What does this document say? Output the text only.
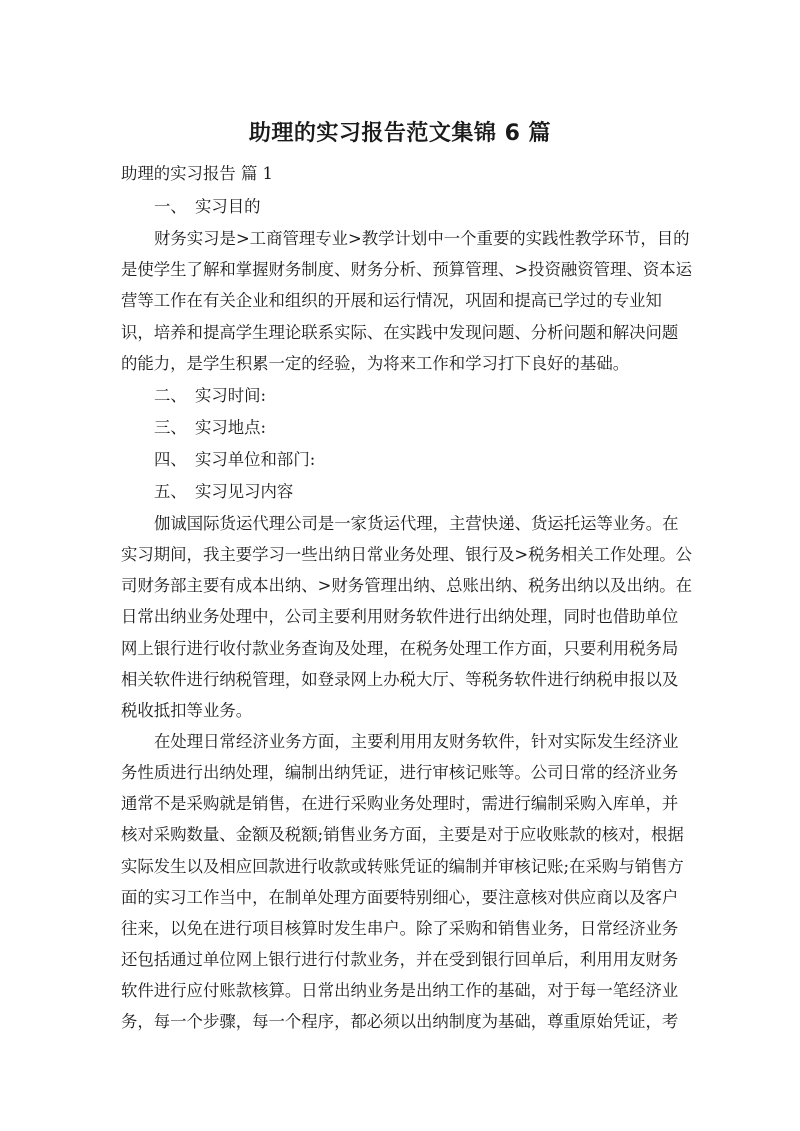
助理的实习报告范文集锦 6 篇
助理的实习报告 篇 1
一、　实习目的
财务实习是>工商管理专业>教学计划中一个重要的实践性教学环节，目的
是使学生了解和掌握财务制度、财务分析、预算管理、>投资融资管理、资本运
营等工作在有关企业和组织的开展和运行情况，巩固和提高已学过的专业知
识，培养和提高学生理论联系实际、在实践中发现问题、分析问题和解决问题
的能力，是学生积累一定的经验，为将来工作和学习打下良好的基础。
二、　实习时间:
三、　实习地点:
四、　实习单位和部门:
五、　实习见习内容
伽诚国际货运代理公司是一家货运代理，主营快递、货运托运等业务。在
实习期间，我主要学习一些出纳日常业务处理、银行及>税务相关工作处理。公
司财务部主要有成本出纳、>财务管理出纳、总账出纳、税务出纳以及出纳。在
日常出纳业务处理中，公司主要利用财务软件进行出纳处理，同时也借助单位
网上银行进行收付款业务查询及处理，在税务处理工作方面，只要利用税务局
相关软件进行纳税管理，如登录网上办税大厅、等税务软件进行纳税申报以及
税收抵扣等业务。
在处理日常经济业务方面，主要利用用友财务软件，针对实际发生经济业
务性质进行出纳处理，编制出纳凭证，进行审核记账等。公司日常的经济业务
通常不是采购就是销售，在进行采购业务处理时，需进行编制采购入库单，并
核对采购数量、金额及税额;销售业务方面，主要是对于应收账款的核对，根据
实际发生以及相应回款进行收款或转账凭证的编制并审核记账;在采购与销售方
面的实习工作当中，在制单处理方面要特别细心，要注意核对供应商以及客户
往来，以免在进行项目核算时发生串户。除了采购和销售业务，日常经济业务
还包括通过单位网上银行进行付款业务，并在受到银行回单后，利用用友财务
软件进行应付账款核算。日常出纳业务是出纳工作的基础，对于每一笔经济业
务，每一个步骤，每一个程序，都必须以出纳制度为基础，尊重原始凭证，考
